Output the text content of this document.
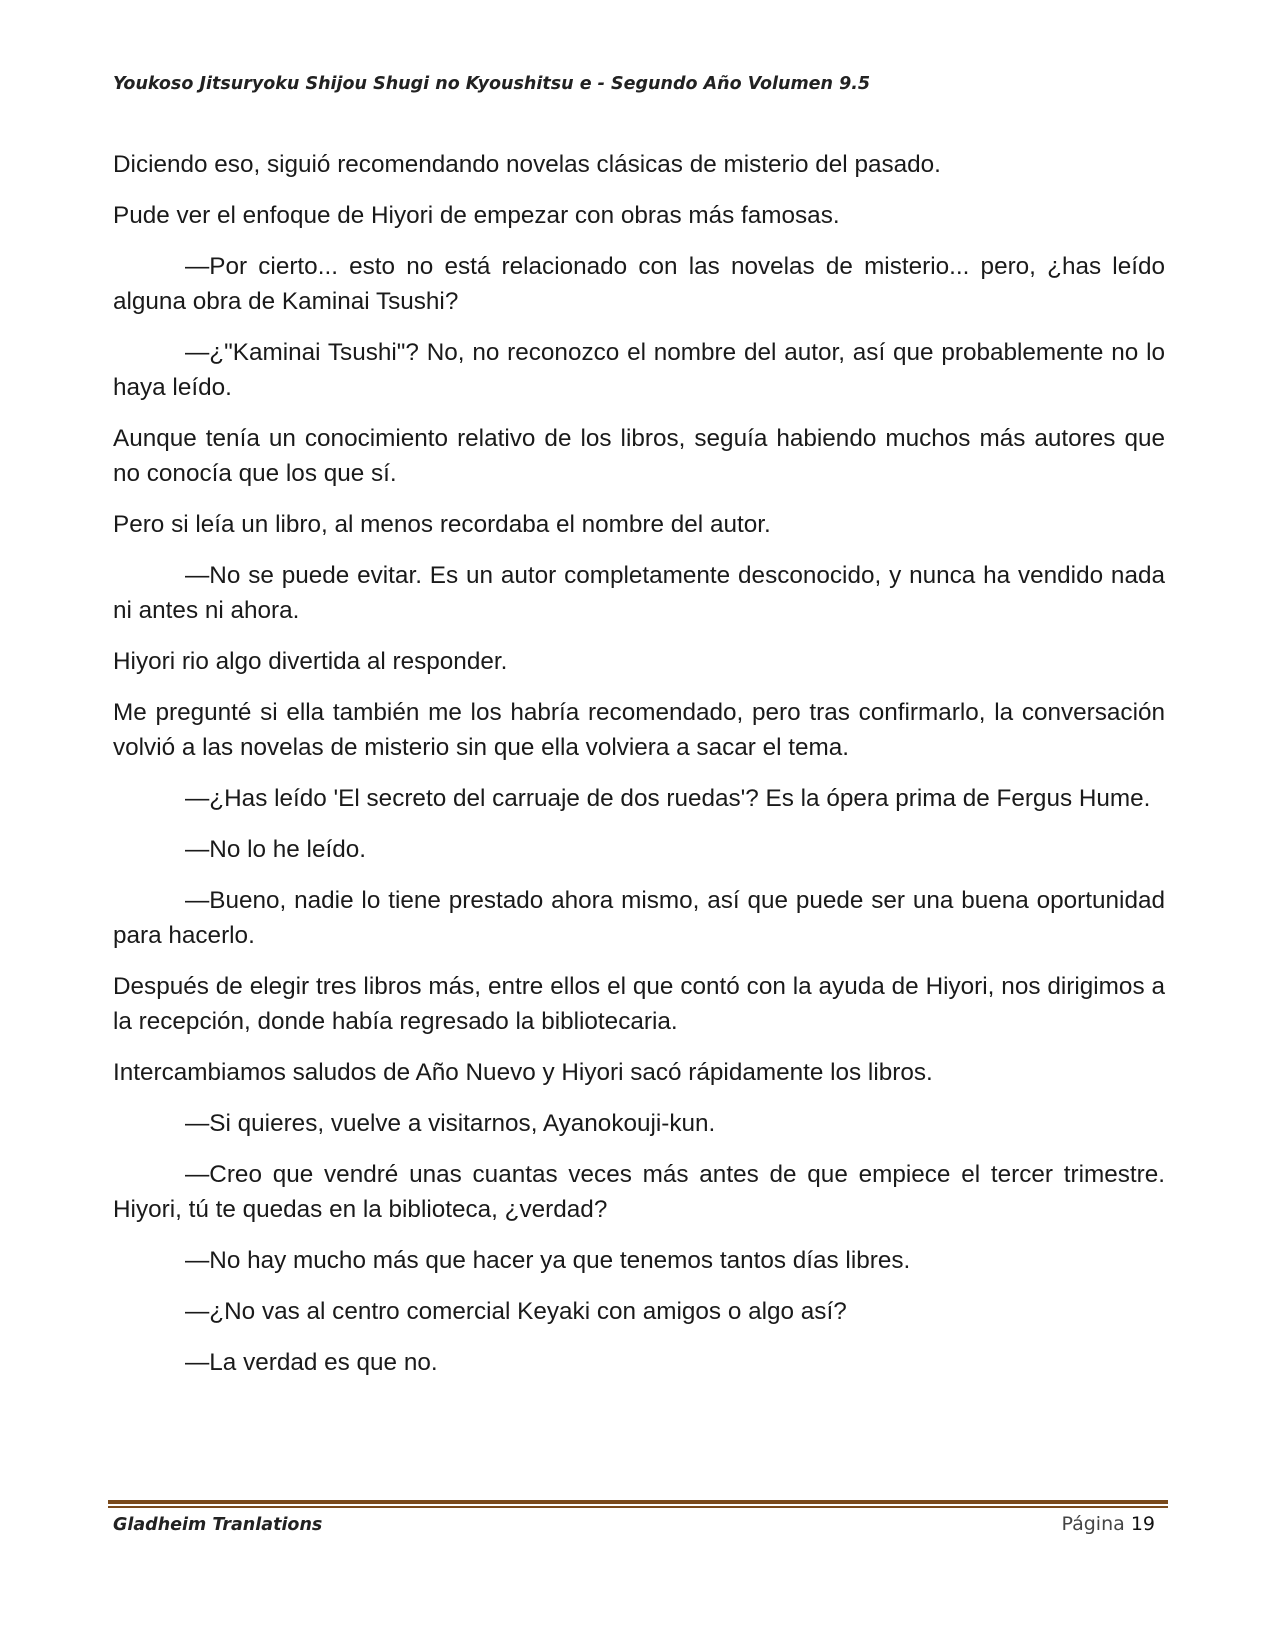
Youkoso Jitsuryoku Shijou Shugi no Kyoushitsu e - Segundo Año Volumen 9.5

Diciendo eso, siguió recomendando novelas clásicas de misterio del pasado.

Pude ver el enfoque de Hiyori de empezar con obras más famosas.

—Por cierto... esto no está relacionado con las novelas de misterio... pero, ¿has leído alguna obra de Kaminai Tsushi?

—¿"Kaminai Tsushi"? No, no reconozco el nombre del autor, así que probablemente no lo haya leído.

Aunque tenía un conocimiento relativo de los libros, seguía habiendo muchos más autores que no conocía que los que sí.

Pero si leía un libro, al menos recordaba el nombre del autor.

—No se puede evitar. Es un autor completamente desconocido, y nunca ha vendido nada ni antes ni ahora.

Hiyori rio algo divertida al responder.

Me pregunté si ella también me los habría recomendado, pero tras confirmarlo, la conversación volvió a las novelas de misterio sin que ella volviera a sacar el tema.

—¿Has leído 'El secreto del carruaje de dos ruedas'? Es la ópera prima de Fergus Hume.

—No lo he leído.

—Bueno, nadie lo tiene prestado ahora mismo, así que puede ser una buena oportunidad para hacerlo.

Después de elegir tres libros más, entre ellos el que contó con la ayuda de Hiyori, nos dirigimos a la recepción, donde había regresado la bibliotecaria.

Intercambiamos saludos de Año Nuevo y Hiyori sacó rápidamente los libros.

—Si quieres, vuelve a visitarnos, Ayanokouji-kun.

—Creo que vendré unas cuantas veces más antes de que empiece el tercer trimestre. Hiyori, tú te quedas en la biblioteca, ¿verdad?

—No hay mucho más que hacer ya que tenemos tantos días libres.

—¿No vas al centro comercial Keyaki con amigos o algo así?

—La verdad es que no.

Gladheim Tranlations	Página 19
